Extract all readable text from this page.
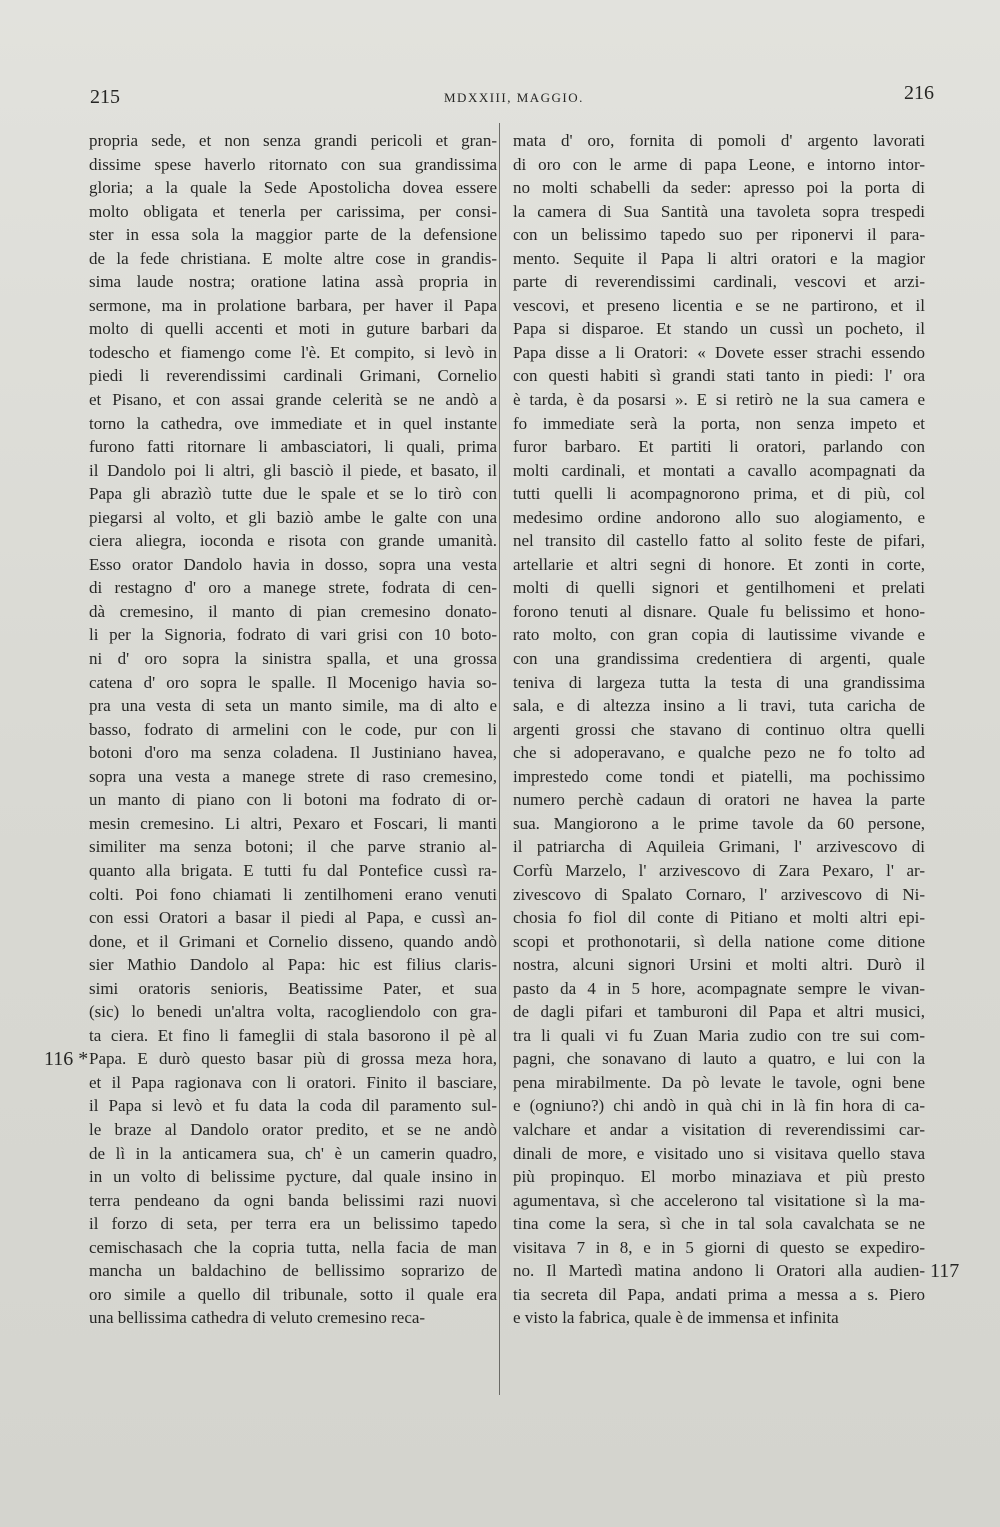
215	MDXXIII, MAGGIO.	216
propria sede, et non senza grandi pericoli et gran-
dissime spese haverlo ritornato con sua grandissima
gloria; a la quale la Sede Apostolicha dovea essere
molto obligata et tenerla per carissima, per consi-
ster in essa sola la maggior parte de la defensione
de la fede christiana. E molte altre cose in grandis-
sima laude nostra; oratione latina assà propria in
sermone, ma in prolatione barbara, per haver il Papa
molto di quelli accenti et moti in guture barbari da
todescho et fiamengo come l'è. Et compito, si levò in
piedi li reverendissimi cardinali Grimani, Cornelio
et Pisano, et con assai grande celerità se ne andò a
torno la cathedra, ove immediate et in quel instante
furono fatti ritornare li ambasciatori, li quali, prima
il Dandolo poi li altri, gli basciò il piede, et basato, il
Papa gli abrazìò tutte due le spale et se lo tirò con
piegarsi al volto, et gli baziò ambe le galte con una
ciera aliegra, ioconda e risota con grande umanità.
Esso orator Dandolo havia in dosso, sopra una vesta
di restagno d' oro a manege strete, fodrata di cen-
dà cremesino, il manto di pian cremesino donato-
li per la Signoria, fodrato di vari grisi con 10 boto-
ni d' oro sopra la sinistra spalla, et una grossa
catena d' oro sopra le spalle. Il Mocenigo havia so-
pra una vesta di seta un manto simile, ma di alto e
basso, fodrato di armelini con le code, pur con li
botoni d'oro ma senza coladena. Il Justiniano havea,
sopra una vesta a manege strete di raso cremesino,
un manto di piano con li botoni ma fodrato di or-
mesin cremesino. Li altri, Pexaro et Foscari, li manti
similiter ma senza botoni; il che parve stranio al-
quanto alla brigata. E tutti fu dal Pontefice cussì ra-
colti. Poi fono chiamati li zentilhomeni erano venuti
con essi Oratori a basar il piedi al Papa, e cussì an-
done, et il Grimani et Cornelio disseno, quando andò
sier Mathio Dandolo al Papa: hic est filius claris-
simi oratoris senioris, Beatissime Pater, et sua
(sic) lo benedi un'altra volta, racogliendolo con gra-
ta ciera. Et fino li fameglii di stala basorono il pè al
Papa. E durò questo basar più di grossa meza hora,
et il Papa ragionava con li oratori. Finito il basciare,
il Papa si levò et fu data la coda dil paramento sul-
le braze al Dandolo orator predito, et se ne andò
de lì in la anticamera sua, ch' è un camerin quadro,
in un volto di belissime pycture, dal quale insino in
terra pendeano da ogni banda belissimi razi nuovi
il forzo di seta, per terra era un belissimo tapedo
cemischasach che la copria tutta, nella facia de man
mancha un baldachino de bellissimo soprarizo de
oro simile a quello dil tribunale, sotto il quale era
una bellissima cathedra di veluto cremesino reca-
mata d' oro, fornita di pomoli d' argento lavorati
di oro con le arme di papa Leone, e intorno intor-
no molti schabelli da seder: apresso poi la porta di
la camera di Sua Santità una tavoleta sopra trespedi
con un belissimo tapedo suo per riponervi il para-
mento. Sequite il Papa li altri oratori e la magior
parte di reverendissimi cardinali, vescovi et arzi-
vescovi, et preseno licentia e se ne partirono, et il
Papa si disparoe. Et stando un cussì un pocheto, il
Papa disse a li Oratori: « Dovete esser strachi essendo
con questi habiti sì grandi stati tanto in piedi: l' ora
è tarda, è da posarsi ». E si retirò ne la sua camera e
fo immediate serà la porta, non senza impeto et
furor barbaro. Et partiti li oratori, parlando con
molti cardinali, et montati a cavallo acompagnati da
tutti quelli li acompagnorono prima, et di più, col
medesimo ordine andorono allo suo alogiamento, e
nel transito dil castello fatto al solito feste de pifari,
artellarie et altri segni di honore. Et zonti in corte,
molti di quelli signori et gentilhomeni et prelati
forono tenuti al disnare. Quale fu belissimo et hono-
rato molto, con gran copia di lautissime vivande e
con una grandissima credentiera di argenti, quale
teniva di largeza tutta la testa di una grandissima
sala, e di altezza insino a li travi, tuta caricha de
argenti grossi che stavano di continuo oltra quelli
che si adoperavano, e qualche pezo ne fo tolto ad
imprestedo come tondi et piatelli, ma pochissimo
numero perchè cadaun di oratori ne havea la parte
sua. Mangiorono a le prime tavole da 60 persone,
il patriarcha di Aquileia Grimani, l' arzivescovo di
Corfù Marzelo, l' arzivescovo di Zara Pexaro, l' ar-
zivescovo di Spalato Cornaro, l' arzivescovo di Ni-
chosia fo fiol dil conte di Pitiano et molti altri epi-
scopi et prothonotarii, sì della natione come ditione
nostra, alcuni signori Ursini et molti altri. Durò il
pasto da 4 in 5 hore, acompagnate sempre le vivan-
de dagli pifari et tamburoni dil Papa et altri musici,
tra li quali vi fu Zuan Maria zudio con tre sui com-
pagni, che sonavano di lauto a quatro, e lui con la
pena mirabilmente. Da pò levate le tavole, ogni bene
e (ogniuno?) chi andò in quà chi in là fin hora di ca-
valchare et andar a visitation di reverendissimi car-
dinali de more, e visitado uno si visitava quello stava
più propinquo. El morbo minaziava et più presto
agumentava, sì che accelerono tal visitatione sì la ma-
tina come la sera, sì che in tal sola cavalchata se ne
visitava 7 in 8, e in 5 giorni di questo se expediro-
no. Il Martedì matina andono li Oratori alla audien-
tia secreta dil Papa, andati prima a messa a s. Piero
e visto la fabrica, quale è de immensa et infinita
116 *
117
